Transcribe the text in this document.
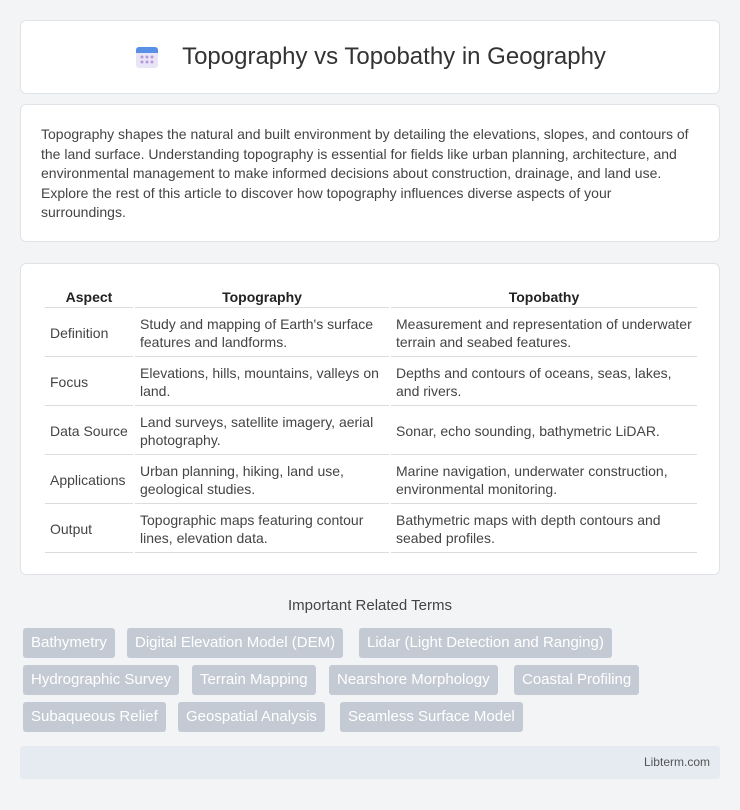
Topography vs Topobathy in Geography

Topography shapes the natural and built environment by detailing the elevations, slopes, and contours of the land surface. Understanding topography is essential for fields like urban planning, architecture, and environmental management to make informed decisions about construction, drainage, and land use. Explore the rest of this article to discover how topography influences diverse aspects of your surroundings.

Aspect	Topography	Topobathy
Definition	Study and mapping of Earth's surface features and landforms.	Measurement and representation of underwater terrain and seabed features.
Focus	Elevations, hills, mountains, valleys on land.	Depths and contours of oceans, seas, lakes, and rivers.
Data Source	Land surveys, satellite imagery, aerial photography.	Sonar, echo sounding, bathymetric LiDAR.
Applications	Urban planning, hiking, land use, geological studies.	Marine navigation, underwater construction, environmental monitoring.
Output	Topographic maps featuring contour lines, elevation data.	Bathymetric maps with depth contours and seabed profiles.
Important Related Terms
Bathymetry	Digital Elevation Model (DEM)	Lidar (Light Detection and Ranging)
Hydrographic Survey	Terrain Mapping	Nearshore Morphology	Coastal Profiling
Subaqueous Relief	Geospatial Analysis	Seamless Surface Model
Libterm.com
